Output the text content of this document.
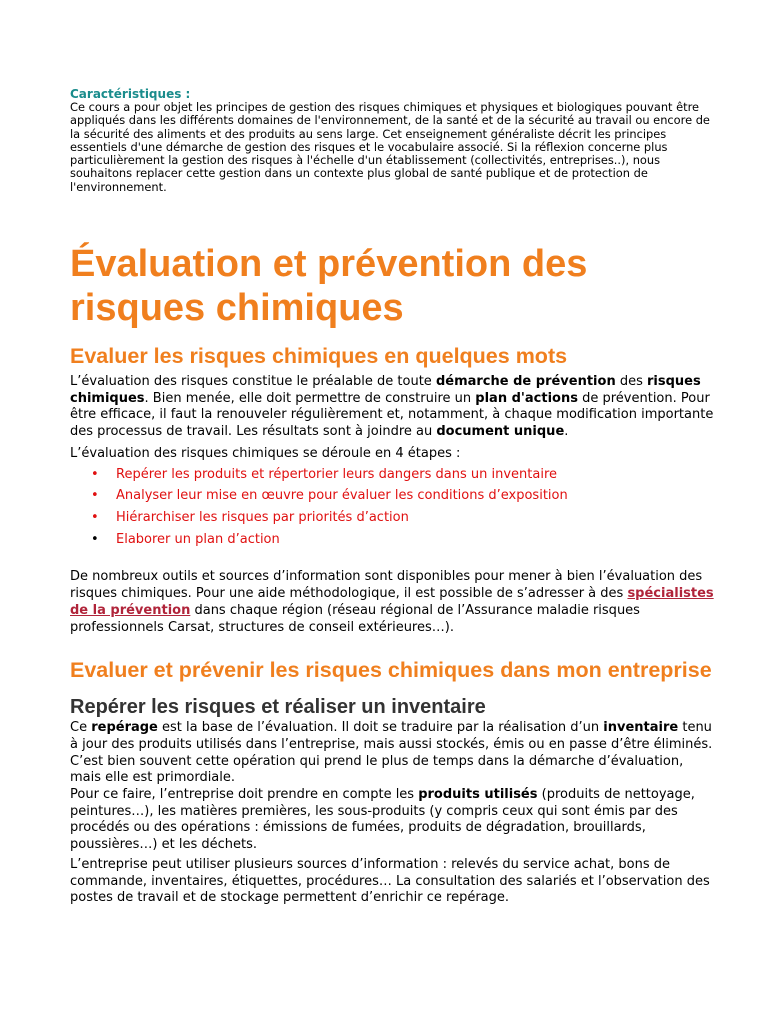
Caractéristiques :

Ce cours a pour objet les principes de gestion des risques chimiques et physiques et biologiques pouvant être appliqués dans les différents domaines de l'environnement, de la santé et de la sécurité au travail ou encore de la sécurité des aliments et des produits au sens large. Cet enseignement généraliste décrit les principes essentiels d'une démarche de gestion des risques et le vocabulaire associé. Si la réflexion concerne plus particulièrement la gestion des risques à l'échelle d'un établissement (collectivités, entreprises..), nous souhaitons replacer cette gestion dans un contexte plus global de santé publique et de protection de l'environnement.

Évaluation et prévention des risques chimiques
Evaluer les risques chimiques en quelques mots

L’évaluation des risques constitue le préalable de toute démarche de prévention des risques chimiques. Bien menée, elle doit permettre de construire un plan d'actions de prévention. Pour être efficace, il faut la renouveler régulièrement et, notamment, à chaque modification importante des processus de travail. Les résultats sont à joindre au document unique.

L’évaluation des risques chimiques se déroule en 4 étapes :

• Repérer les produits et répertorier leurs dangers dans un inventaire
• Analyser leur mise en œuvre pour évaluer les conditions d’exposition
• Hiérarchiser les risques par priorités d’action
• Elaborer un plan d’action

De nombreux outils et sources d’information sont disponibles pour mener à bien l’évaluation des risques chimiques. Pour une aide méthodologique, il est possible de s’adresser à des spécialistes de la prévention dans chaque région (réseau régional de l’Assurance maladie risques professionnels Carsat, structures de conseil extérieures…).

Evaluer et prévenir les risques chimiques dans mon entreprise
Repérer les risques et réaliser un inventaire

Ce repérage est la base de l’évaluation. Il doit se traduire par la réalisation d’un inventaire tenu à jour des produits utilisés dans l’entreprise, mais aussi stockés, émis ou en passe d’être éliminés. C’est bien souvent cette opération qui prend le plus de temps dans la démarche d’évaluation, mais elle est primordiale.

Pour ce faire, l’entreprise doit prendre en compte les produits utilisés (produits de nettoyage, peintures…), les matières premières, les sous-produits (y compris ceux qui sont émis par des procédés ou des opérations : émissions de fumées, produits de dégradation, brouillards, poussières…) et les déchets.

L’entreprise peut utiliser plusieurs sources d’information : relevés du service achat, bons de commande, inventaires, étiquettes, procédures… La consultation des salariés et l’observation des postes de travail et de stockage permettent d’enrichir ce repérage.
